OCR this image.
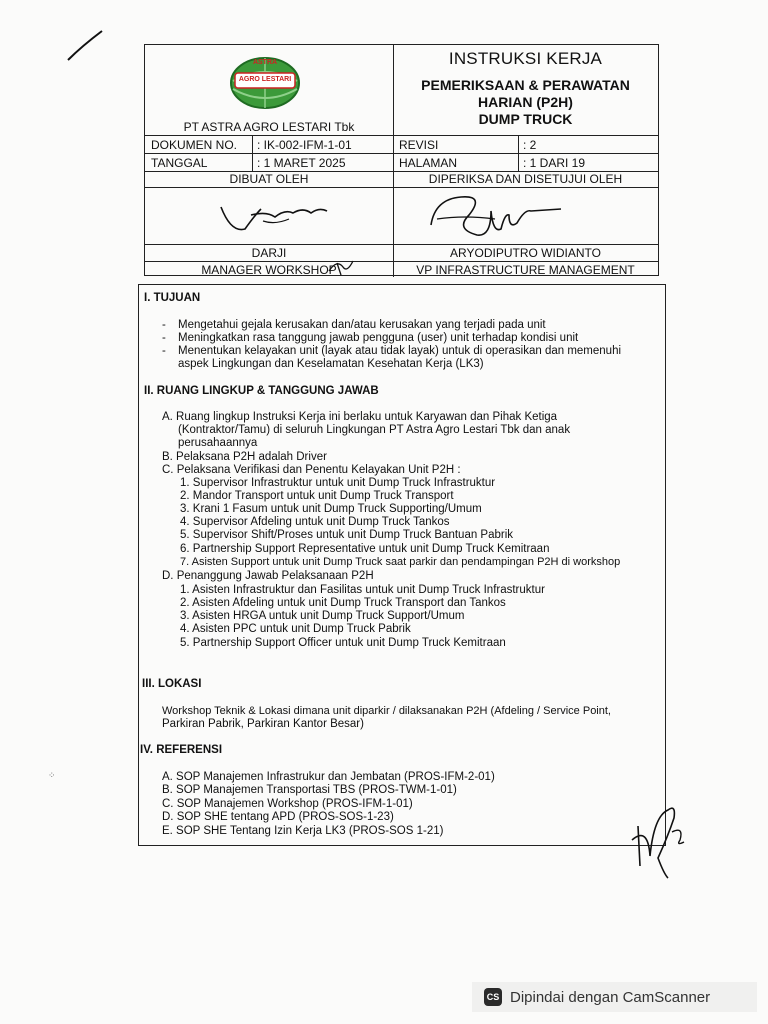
ASTRA
AGRO LESTARI
PT ASTRA AGRO LESTARI Tbk
INSTRUKSI KERJA
PEMERIKSAAN & PERAWATAN
HARIAN (P2H)
DUMP TRUCK
DOKUMEN NO. : IK-002-IFM-1-01	REVISI	: 2
TANGGAL	: 1 MARET 2025	HALAMAN	: 1 DARI 19
DIBUAT OLEH	DIPERIKSA DAN DISETUJUI OLEH
DARJI	ARYODIPUTRO WIDIANTO
MANAGER WORKSHOP	VP INFRASTRUCTURE MANAGEMENT
I. TUJUAN
- Mengetahui gejala kerusakan dan/atau kerusakan yang terjadi pada unit
- Meningkatkan rasa tanggung jawab pengguna (user) unit terhadap kondisi unit
- Menentukan kelayakan unit (layak atau tidak layak) untuk di operasikan dan memenuhi
aspek Lingkungan dan Keselamatan Kesehatan Kerja (LK3)
II. RUANG LINGKUP & TANGGUNG JAWAB
A. Ruang lingkup Instruksi Kerja ini berlaku untuk Karyawan dan Pihak Ketiga
(Kontraktor/Tamu) di seluruh Lingkungan PT Astra Agro Lestari Tbk dan anak
perusahaannya
B. Pelaksana P2H adalah Driver
C. Pelaksana Verifikasi dan Penentu Kelayakan Unit P2H :
1. Supervisor Infrastruktur untuk unit Dump Truck Infrastruktur
2. Mandor Transport untuk unit Dump Truck Transport
3. Krani 1 Fasum untuk unit Dump Truck Supporting/Umum
4. Supervisor Afdeling untuk unit Dump Truck Tankos
5. Supervisor Shift/Proses untuk unit Dump Truck Bantuan Pabrik
6. Partnership Support Representative untuk unit Dump Truck Kemitraan
7. Asisten Support untuk unit Dump Truck saat parkir dan pendampingan P2H di workshop
D. Penanggung Jawab Pelaksanaan P2H
1. Asisten Infrastruktur dan Fasilitas untuk unit Dump Truck Infrastruktur
2. Asisten Afdeling untuk unit Dump Truck Transport dan Tankos
3. Asisten HRGA untuk unit Dump Truck Support/Umum
4. Asisten PPC untuk unit Dump Truck Pabrik
5. Partnership Support Officer untuk unit Dump Truck Kemitraan
III. LOKASI
Workshop Teknik & Lokasi dimana unit diparkir / dilaksanakan P2H (Afdeling / Service Point,
Parkiran Pabrik, Parkiran Kantor Besar)
IV. REFERENSI
A. SOP Manajemen Infrastrukur dan Jembatan (PROS-IFM-2-01)
B. SOP Manajemen Transportasi TBS (PROS-TWM-1-01)
C. SOP Manajemen Workshop (PROS-IFM-1-01)
D. SOP SHE tentang APD (PROS-SOS-1-23)
E. SOP SHE Tentang Izin Kerja LK3 (PROS-SOS 1-21)
⁘
CS Dipindai dengan CamScanner
